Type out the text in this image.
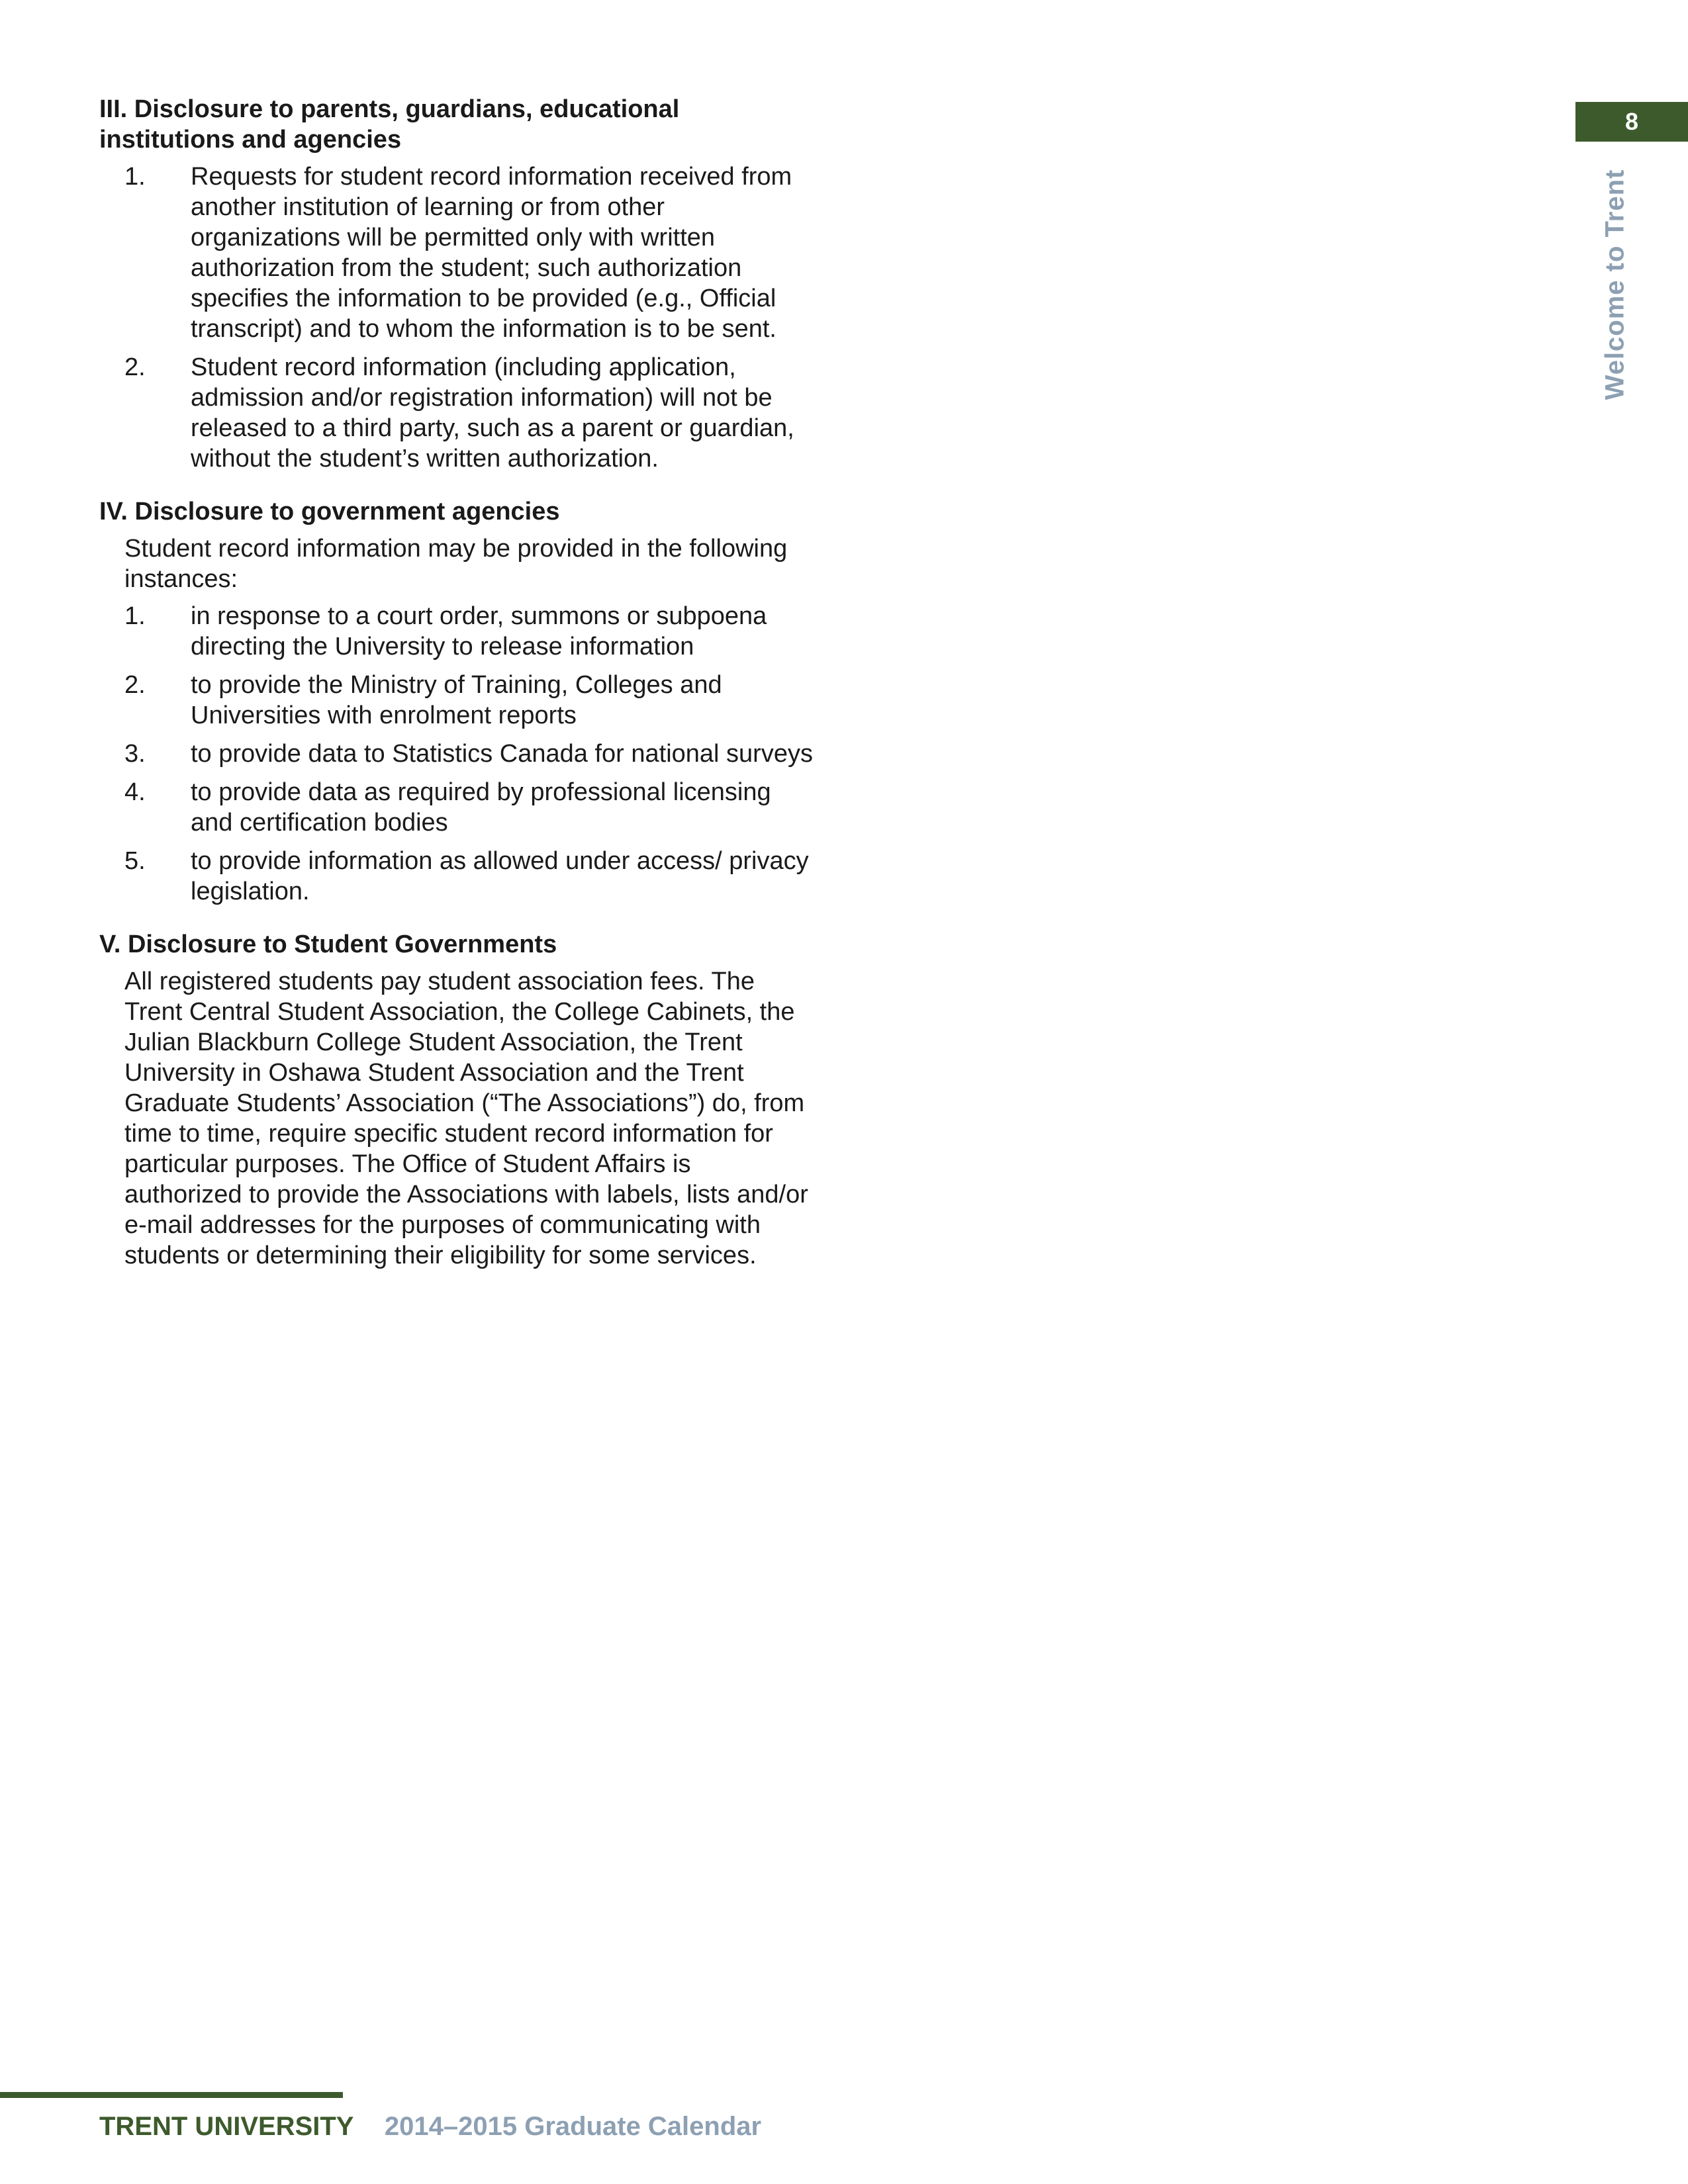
III. Disclosure to parents, guardians, educational institutions and agencies

1. Requests for student record information received from another institution of learning or from other organizations will be permitted only with written authorization from the student; such authorization specifies the information to be provided (e.g., Official transcript) and to whom the information is to be sent.
2. Student record information (including application, admission and/or registration information) will not be released to a third party, such as a parent or guardian, without the student’s written authorization.

IV. Disclosure to government agencies

Student record information may be provided in the following instances:

1. in response to a court order, summons or subpoena directing the University to release information
2. to provide the Ministry of Training, Colleges and Universities with enrolment reports
3. to provide data to Statistics Canada for national surveys
4. to provide data as required by professional licensing and certification bodies
5. to provide information as allowed under access/ privacy legislation.

V. Disclosure to Student Governments

All registered students pay student association fees. The Trent Central Student Association, the College Cabinets, the Julian Blackburn College Student Association, the Trent University in Oshawa Student Association and the Trent Graduate Students’ Association (“The Associations”) do, from time to time, require specific student record information for particular purposes. The Office of Student Affairs is authorized to provide the Associations with labels, lists and/or e-mail addresses for the purposes of communicating with students or determining their eligibility for some services.

8
Welcome to Trent
TRENT UNIVERSITY 2014–2015 Graduate Calendar
